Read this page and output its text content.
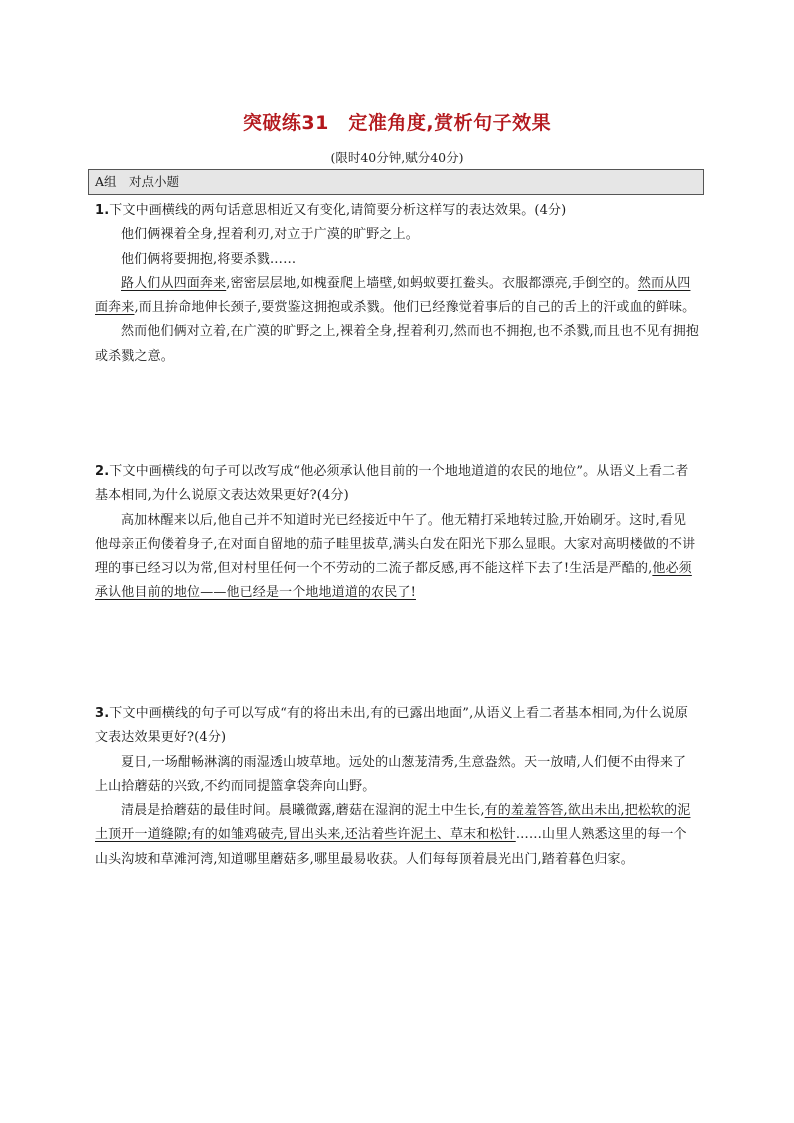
突破练31　定准角度,赏析句子效果
(限时40分钟,赋分40分)
A组　对点小题

1.下文中画横线的两句话意思相近又有变化,请简要分析这样写的表达效果。(4分)

他们俩裸着全身,捏着利刃,对立于广漠的旷野之上。

他们俩将要拥抱,将要杀戮……

路人们从四面奔来,密密层层地,如槐蚕爬上墙壁,如蚂蚁要扛鲞头。衣服都漂亮,手倒空的。然而从四面奔来,而且拚命地伸长颈子,要赏鉴这拥抱或杀戮。他们已经豫觉着事后的自己的舌上的汗或血的鲜味。

然而他们俩对立着,在广漠的旷野之上,裸着全身,捏着利刃,然而也不拥抱,也不杀戮,而且也不见有拥抱或杀戮之意。

2.下文中画横线的句子可以改写成“他必须承认他目前的一个地地道道的农民的地位”。从语义上看二者基本相同,为什么说原文表达效果更好?(4分)

高加林醒来以后,他自己并不知道时光已经接近中午了。他无精打采地转过脸,开始刷牙。这时,看见他母亲正佝偻着身子,在对面自留地的茄子畦里拔草,满头白发在阳光下那么显眼。大家对高明楼做的不讲理的事已经习以为常,但对村里任何一个不劳动的二流子都反感,再不能这样下去了!生活是严酷的,他必须承认他目前的地位——他已经是一个地地道道的农民了!

3.下文中画横线的句子可以写成“有的将出未出,有的已露出地面”,从语义上看二者基本相同,为什么说原文表达效果更好?(4分)

夏日,一场酣畅淋漓的雨湿透山坡草地。远处的山葱茏清秀,生意盎然。天一放晴,人们便不由得来了上山拾蘑菇的兴致,不约而同提篮拿袋奔向山野。

清晨是拾蘑菇的最佳时间。晨曦微露,蘑菇在湿润的泥土中生长,有的羞羞答答,欲出未出,把松软的泥土顶开一道缝隙;有的如雏鸡破壳,冒出头来,还沾着些许泥土、草末和松针……山里人熟悉这里的每一个山头沟坡和草滩河湾,知道哪里蘑菇多,哪里最易收获。人们每每顶着晨光出门,踏着暮色归家。
